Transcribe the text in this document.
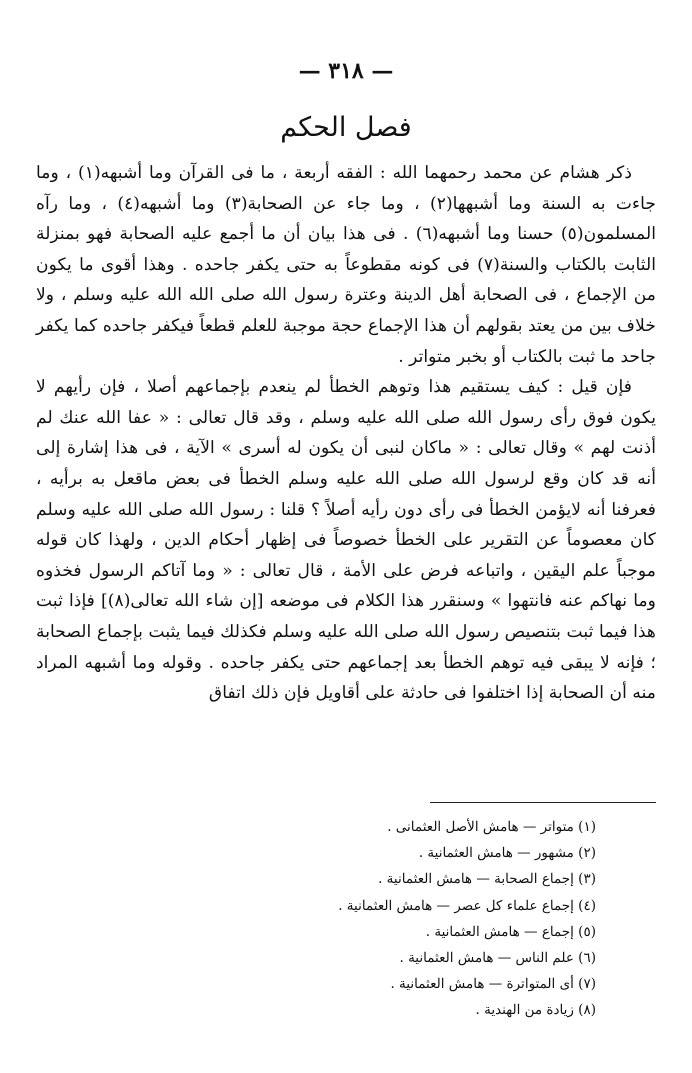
— ٣١٨ —
فصل الحكم

ذكر هشام عن محمد رحمهما الله : الفقه أربعة ، ما فى القرآن وما أشبهه(١) ، وما جاءت به السنة وما أشبهها(٢) ، وما جاء عن الصحابة(٣) وما أشبهه(٤) ، وما رآه المسلمون(٥) حسنا وما أشبهه(٦) . فى هذا بيان أن ما أجمع عليه الصحابة فهو بمنزلة الثابت بالكتاب والسنة(٧) فى كونه مقطوعاً به حتى يكفر جاحده . وهذا أقوى ما يكون من الإجماع ، فى الصحابة أهل الدينة وعترة رسول الله صلى الله الله عليه وسلم ، ولا خلاف بين من يعتد بقولهم أن هذا الإجماع حجة موجبة للعلم قطعاً فيكفر جاحده كما يكفر جاحد ما ثبت بالكتاب أو بخبر متواتر .

فإن قيل : كيف يستقيم هذا وتوهم الخطأ لم ينعدم بإجماعهم أصلا ، فإن رأيهم لا يكون فوق رأى رسول الله صلى الله عليه وسلم ، وقد قال تعالى : « عفا الله عنك لم أذنت لهم » وقال تعالى : « ماكان لنبى أن يكون له أسرى » الآية ، فى هذا إشارة إلى أنه قد كان وقع لرسول الله صلى الله عليه وسلم الخطأ فى بعض ماقعل به برأيه ، فعرفنا أنه لايؤمن الخطأ فى رأى دون رأيه أصلاً ؟ قلنا : رسول الله صلى الله عليه وسلم كان معصوماً عن التقرير على الخطأ خصوصاً فى إظهار أحكام الدين ، ولهذا كان قوله موجباً علم اليقين ، واتباعه فرض على الأمة ، قال تعالى : « وما آتاكم الرسول فخذوه وما نهاكم عنه فانتهوا » وسنقرر هذا الكلام فى موضعه [إن شاء الله تعالى(٨)] فإذا ثبت هذا فيما ثبت بتنصيص رسول الله صلى الله عليه وسلم فكذلك فيما يثبت بإجماع الصحابة ؛ فإنه لا يبقى فيه توهم الخطأ بعد إجماعهم حتى يكفر جاحده . وقوله وما أشبهه المراد منه أن الصحابة إذا اختلفوا فى حادثة على أقاويل فإن ذلك اتفاق

(١) متواتر — هامش الأصل العثمانى .
(٢) مشهور — هامش العثمانية .
(٣) إجماع الصحابة — هامش العثمانية .
(٤) إجماع علماء كل عصر — هامش العثمانية .
(٥) إجماع — هامش العثمانية .
(٦) علم الناس — هامش العثمانية .
(٧) أى المتواترة — هامش العثمانية .
(٨) زيادة من الهندية .
